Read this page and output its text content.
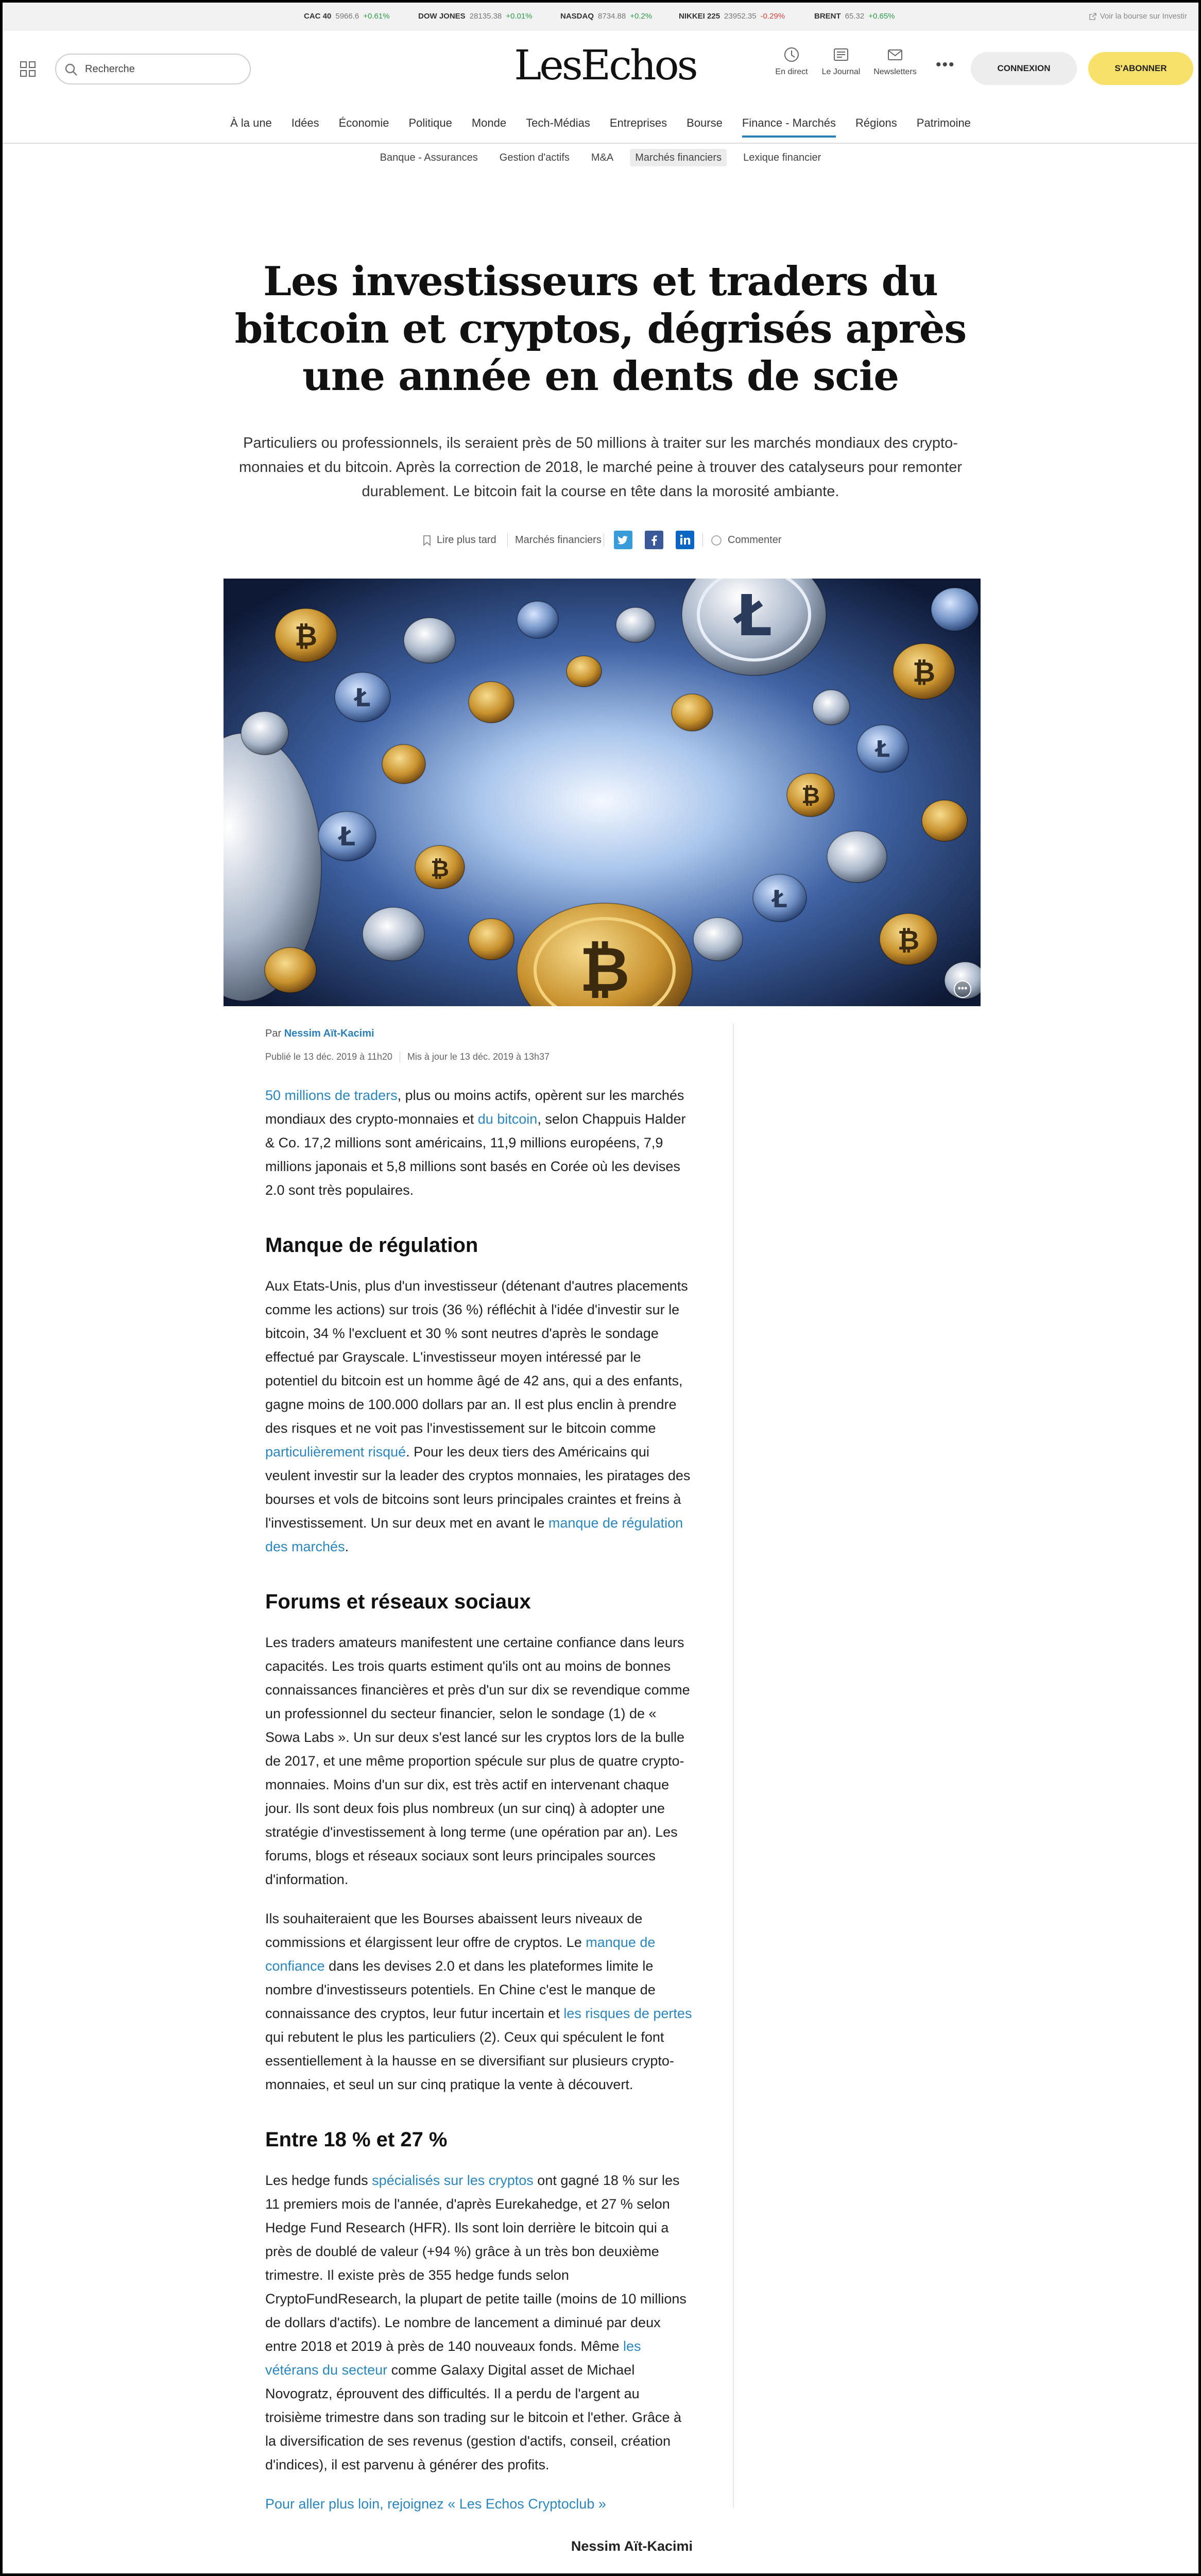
CAC 40 5966.6 +0.61%	DOW JONES 28135.38 +0.01%	NASDAQ 8734.88 +0.2%	NIKKEI 225 23952.35 -0.29%	BRENT 65.32 +0.65%	Voir la bourse sur Investir
Recherche
LesEchos	En direct	Le Journal	Newsletters	•••	CONNEXION	S'ABONNER
À la une Idées Économie Politique Monde Tech-Médias Entreprises Bourse Finance - Marchés Régions Patrimoine
Banque - Assurances Gestion d'actifs M&A Marchés financiers Lexique financier
Les investisseurs et traders du bitcoin et cryptos, dégrisés après une année en dents de scie

Particuliers ou professionnels, ils seraient près de 50 millions à traiter sur les marchés mondiaux des crypto-monnaies et du bitcoin. Après la correction de 2018, le marché peine à trouver des catalyseurs pour remonter durablement. Le bitcoin fait la course en tête dans la morosité ambiante.

Lire plus tard Marchés financiers	Commenter
₿
₿
₿
₿
₿
₿
Ł
Ł
Ł
Ł
Ł
•••
Par Nessim Aït-Kacimi
Publié le 13 déc. 2019 à 11h20 Mis à jour le 13 déc. 2019 à 13h37

50 millions de traders, plus ou moins actifs, opèrent sur les marchés mondiaux des crypto-monnaies et du bitcoin, selon Chappuis Halder & Co. 17,2 millions sont américains, 11,9 millions européens, 7,9 millions japonais et 5,8 millions sont basés en Corée où les devises 2.0 sont très populaires.

Manque de régulation

Aux Etats-Unis, plus d'un investisseur (détenant d'autres placements comme les actions) sur trois (36 %) réfléchit à l'idée d'investir sur le bitcoin, 34 % l'excluent et 30 % sont neutres d'après le sondage effectué par Grayscale. L'investisseur moyen intéressé par le potentiel du bitcoin est un homme âgé de 42 ans, qui a des enfants, gagne moins de 100.000 dollars par an. Il est plus enclin à prendre des risques et ne voit pas l'investissement sur le bitcoin comme particulièrement risqué. Pour les deux tiers des Américains qui veulent investir sur la leader des cryptos monnaies, les piratages des bourses et vols de bitcoins sont leurs principales craintes et freins à l'investissement. Un sur deux met en avant le manque de régulation des marchés.

Forums et réseaux sociaux

Les traders amateurs manifestent une certaine confiance dans leurs capacités. Les trois quarts estiment qu'ils ont au moins de bonnes connaissances financières et près d'un sur dix se revendique comme un professionnel du secteur financier, selon le sondage (1) de « Sowa Labs ». Un sur deux s'est lancé sur les cryptos lors de la bulle de 2017, et une même proportion spécule sur plus de quatre crypto-monnaies. Moins d'un sur dix, est très actif en intervenant chaque jour. Ils sont deux fois plus nombreux (un sur cinq) à adopter une stratégie d'investissement à long terme (une opération par an). Les forums, blogs et réseaux sociaux sont leurs principales sources d'information.

Ils souhaiteraient que les Bourses abaissent leurs niveaux de commissions et élargissent leur offre de cryptos. Le manque de confiance dans les devises 2.0 et dans les plateformes limite le nombre d'investisseurs potentiels. En Chine c'est le manque de connaissance des cryptos, leur futur incertain et les risques de pertes qui rebutent le plus les particuliers (2). Ceux qui spéculent le font essentiellement à la hausse en se diversifiant sur plusieurs crypto-monnaies, et seul un sur cinq pratique la vente à découvert.

Entre 18 % et 27 %

Les hedge funds spécialisés sur les cryptos ont gagné 18 % sur les 11 premiers mois de l'année, d'après Eurekahedge, et 27 % selon Hedge Fund Research (HFR). Ils sont loin derrière le bitcoin qui a près de doublé de valeur (+94 %) grâce à un très bon deuxième trimestre. Il existe près de 355 hedge funds selon CryptoFundResearch, la plupart de petite taille (moins de 10 millions de dollars d'actifs). Le nombre de lancement a diminué par deux entre 2018 et 2019 à près de 140 nouveaux fonds. Même les vétérans du secteur comme Galaxy Digital asset de Michael Novogratz, éprouvent des difficultés. Il a perdu de l'argent au troisième trimestre dans son trading sur le bitcoin et l'ether. Grâce à la diversification de ses revenus (gestion d'actifs, conseil, création d'indices), il est parvenu à générer des profits.

Pour aller plus loin, rejoignez « Les Echos Cryptoclub »

Nessim Aït-Kacimi
